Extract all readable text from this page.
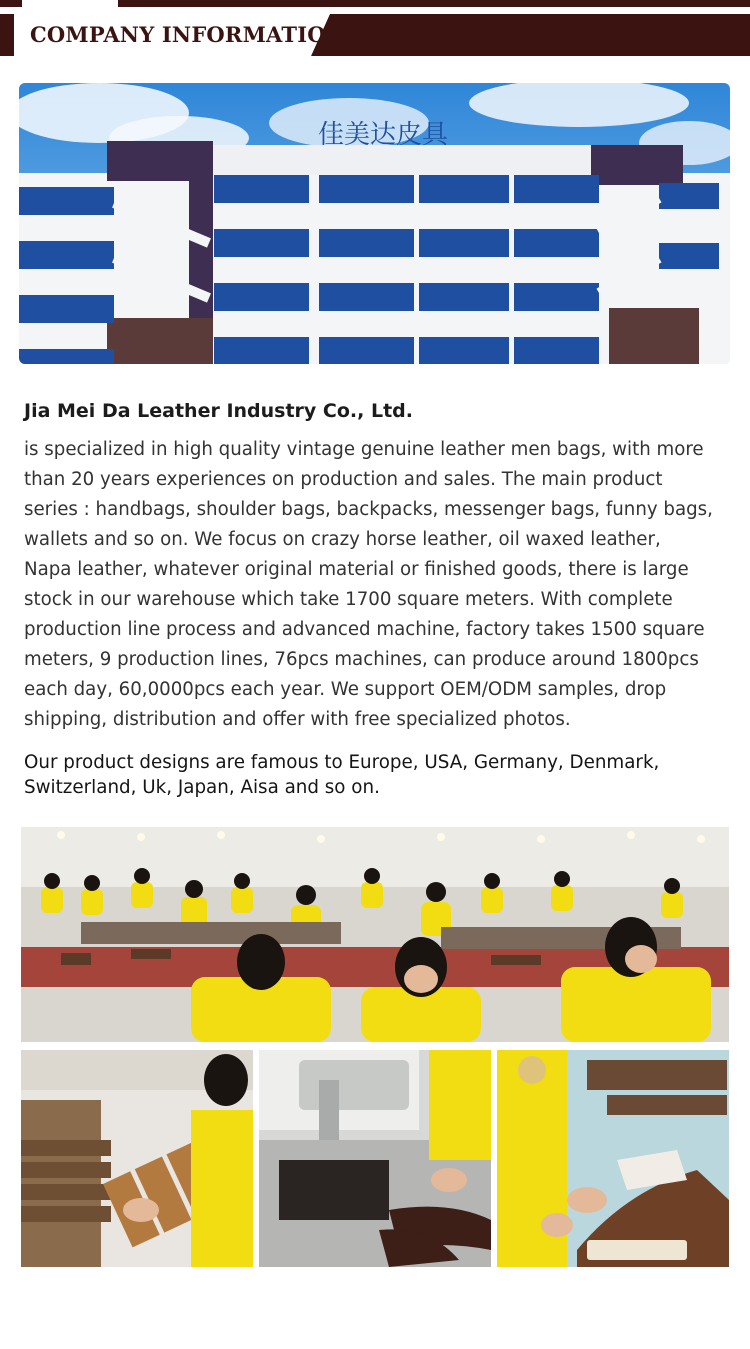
COMPANY INFORMATION
佳美达皮具
Jia Mei Da Leather Industry Co., Ltd.
is specialized in high quality vintage genuine leather men bags, with more
than 20 years experiences on production and sales. The main product
series : handbags, shoulder bags, backpacks, messenger bags, funny bags,
wallets and so on. We focus on crazy horse leather, oil waxed leather,
Napa leather, whatever original material or finished goods, there is large
stock in our warehouse which take 1700 square meters. With complete
production line process and advanced machine, factory takes 1500 square
meters, 9 production lines, 76pcs machines, can produce around 1800pcs
each day, 60,0000pcs each year. We support OEM/ODM samples, drop
shipping, distribution and offer with free specialized photos.
Our product designs are famous to Europe, USA, Germany, Denmark,
Switzerland, Uk, Japan, Aisa and so on.
